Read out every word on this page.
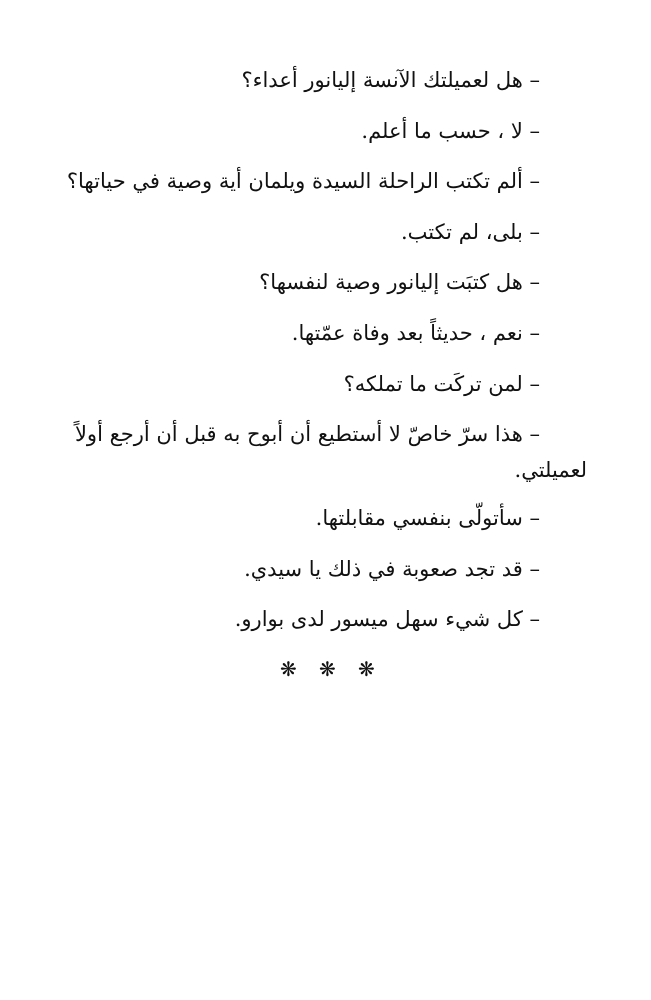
– هل لعميلتك الآنسة إليانور أعداء؟
– لا ، حسب ما أعلم.
– ألم تكتب الراحلة السيدة ويلمان أية وصية في حياتها؟
– بلى، لم تكتب.
– هل كتبَت إليانور وصية لنفسها؟
– نعم ، حديثاً بعد وفاة عمّتها.
– لمن تركَت ما تملكه؟
– هذا سرّ خاصّ لا أستطيع أن أبوح به قبل أن أرجع أولاً
لعميلتي.
– سأتولّى بنفسي مقابلتها.
– قد تجد صعوبة في ذلك يا سيدي.
– كل شيء سهل ميسور لدى بوارو.
❋ ❋ ❋
